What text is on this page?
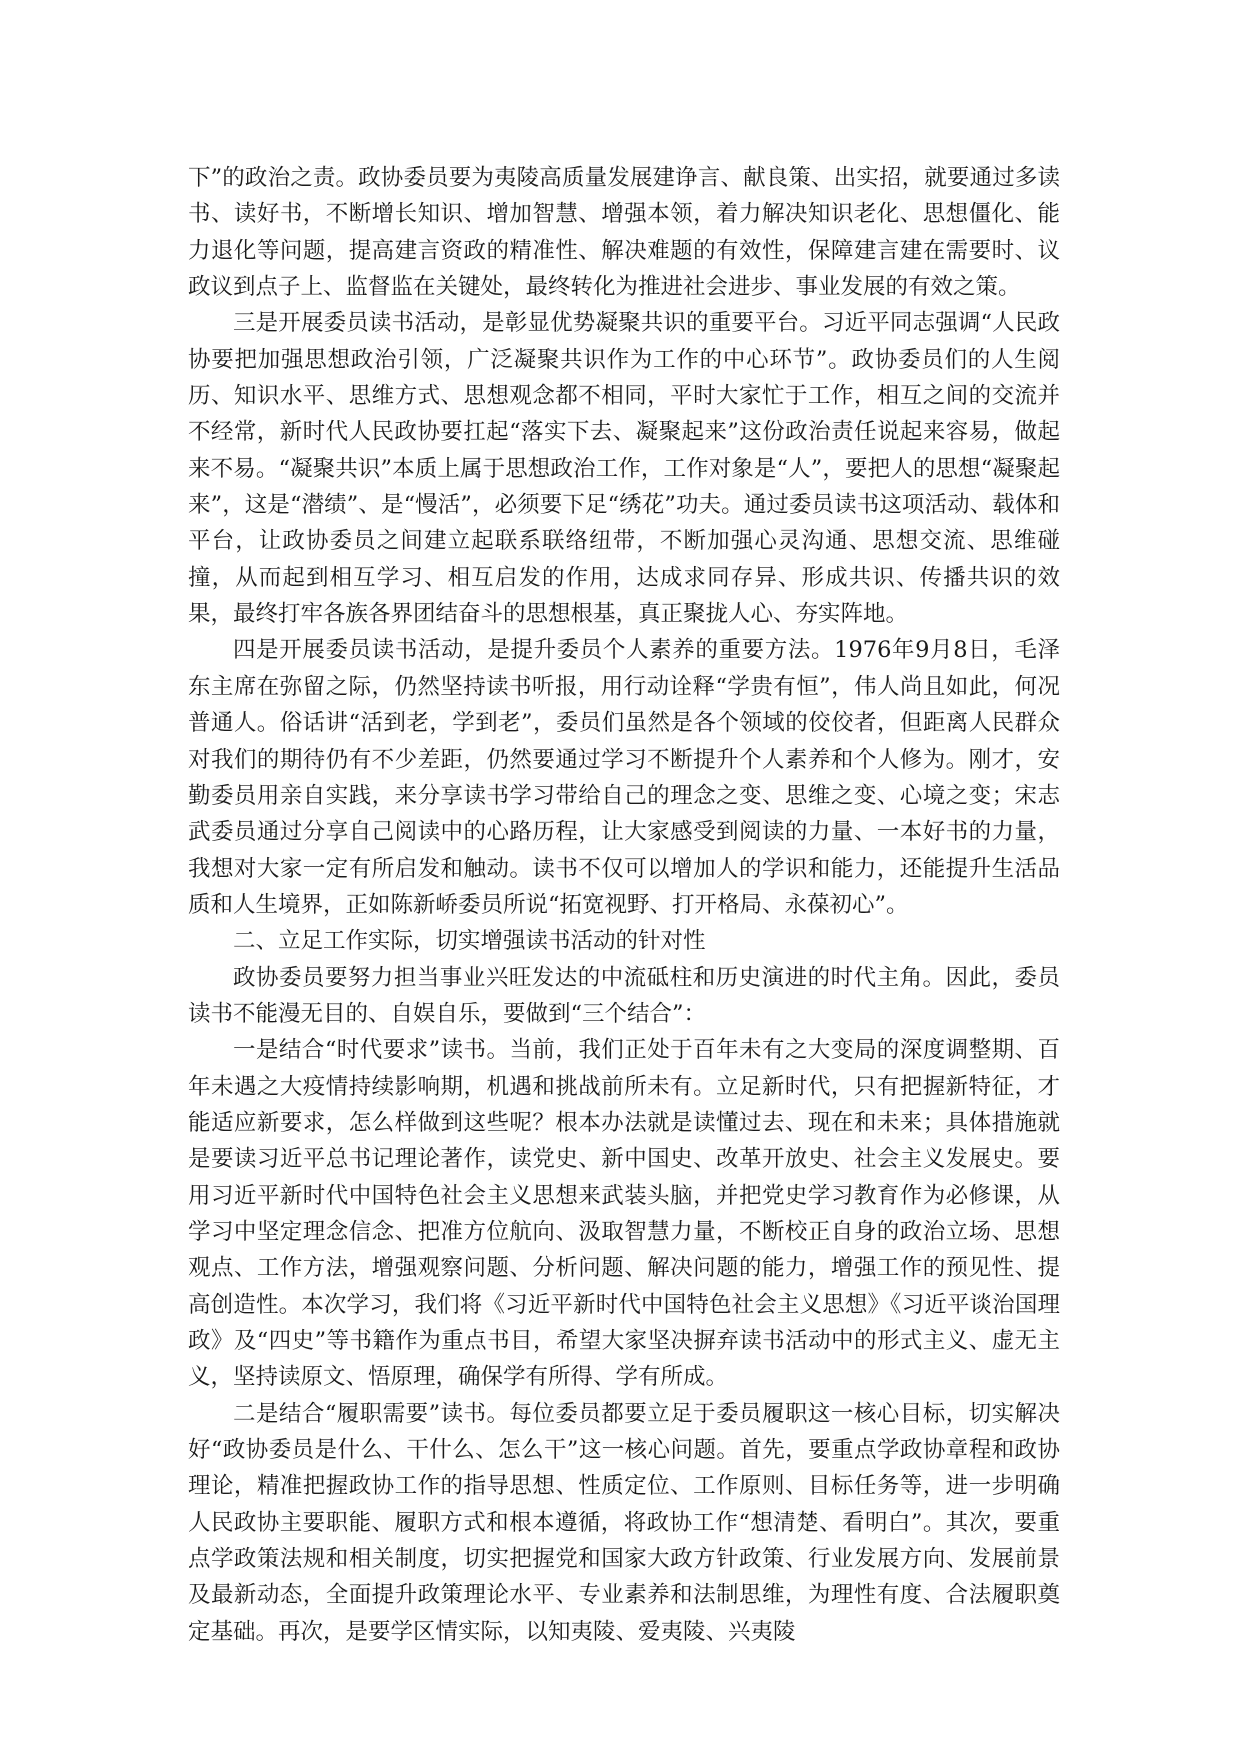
下”的政治之责。政协委员要为夷陵高质量发展建诤言、献良策、出实招，就要通过多读书、读好书，不断增长知识、增加智慧、增强本领，着力解决知识老化、思想僵化、能力退化等问题，提高建言资政的精准性、解决难题的有效性，保障建言建在需要时、议政议到点子上、监督监在关键处，最终转化为推进社会进步、事业发展的有效之策。

三是开展委员读书活动，是彰显优势凝聚共识的重要平台。习近平同志强调“人民政协要把加强思想政治引领，广泛凝聚共识作为工作的中心环节”。政协委员们的人生阅历、知识水平、思维方式、思想观念都不相同，平时大家忙于工作，相互之间的交流并不经常，新时代人民政协要扛起“落实下去、凝聚起来”这份政治责任说起来容易，做起来不易。“凝聚共识”本质上属于思想政治工作，工作对象是“人”，要把人的思想“凝聚起来”，这是“潜绩”、是“慢活”，必须要下足“绣花”功夫。通过委员读书这项活动、载体和平台，让政协委员之间建立起联系联络纽带，不断加强心灵沟通、思想交流、思维碰撞，从而起到相互学习、相互启发的作用，达成求同存异、形成共识、传播共识的效果，最终打牢各族各界团结奋斗的思想根基，真正聚拢人心、夯实阵地。

四是开展委员读书活动，是提升委员个人素养的重要方法。1976年9月8日，毛泽东主席在弥留之际，仍然坚持读书听报，用行动诠释“学贵有恒”，伟人尚且如此，何况普通人。俗话讲“活到老，学到老”，委员们虽然是各个领域的佼佼者，但距离人民群众对我们的期待仍有不少差距，仍然要通过学习不断提升个人素养和个人修为。刚才，安勤委员用亲自实践，来分享读书学习带给自己的理念之变、思维之变、心境之变；宋志武委员通过分享自己阅读中的心路历程，让大家感受到阅读的力量、一本好书的力量，我想对大家一定有所启发和触动。读书不仅可以增加人的学识和能力，还能提升生活品质和人生境界，正如陈新峤委员所说“拓宽视野、打开格局、永葆初心”。

二、立足工作实际，切实增强读书活动的针对性

政协委员要努力担当事业兴旺发达的中流砥柱和历史演进的时代主角。因此，委员读书不能漫无目的、自娱自乐，要做到“三个结合”：

一是结合“时代要求”读书。当前，我们正处于百年未有之大变局的深度调整期、百年未遇之大疫情持续影响期，机遇和挑战前所未有。立足新时代，只有把握新特征，才能适应新要求，怎么样做到这些呢？根本办法就是读懂过去、现在和未来；具体措施就是要读习近平总书记理论著作，读党史、新中国史、改革开放史、社会主义发展史。要用习近平新时代中国特色社会主义思想来武装头脑，并把党史学习教育作为必修课，从学习中坚定理念信念、把准方位航向、汲取智慧力量，不断校正自身的政治立场、思想观点、工作方法，增强观察问题、分析问题、解决问题的能力，增强工作的预见性、提高创造性。本次学习，我们将《习近平新时代中国特色社会主义思想》《习近平谈治国理政》及“四史”等书籍作为重点书目，希望大家坚决摒弃读书活动中的形式主义、虚无主义，坚持读原文、悟原理，确保学有所得、学有所成。

二是结合“履职需要”读书。每位委员都要立足于委员履职这一核心目标，切实解决好“政协委员是什么、干什么、怎么干”这一核心问题。首先，要重点学政协章程和政协理论，精准把握政协工作的指导思想、性质定位、工作原则、目标任务等，进一步明确人民政协主要职能、履职方式和根本遵循，将政协工作“想清楚、看明白”。其次，要重点学政策法规和相关制度，切实把握党和国家大政方针政策、行业发展方向、发展前景及最新动态，全面提升政策理论水平、专业素养和法制思维，为理性有度、合法履职奠定基础。再次，是要学区情实际，以知夷陵、爱夷陵、兴夷陵
